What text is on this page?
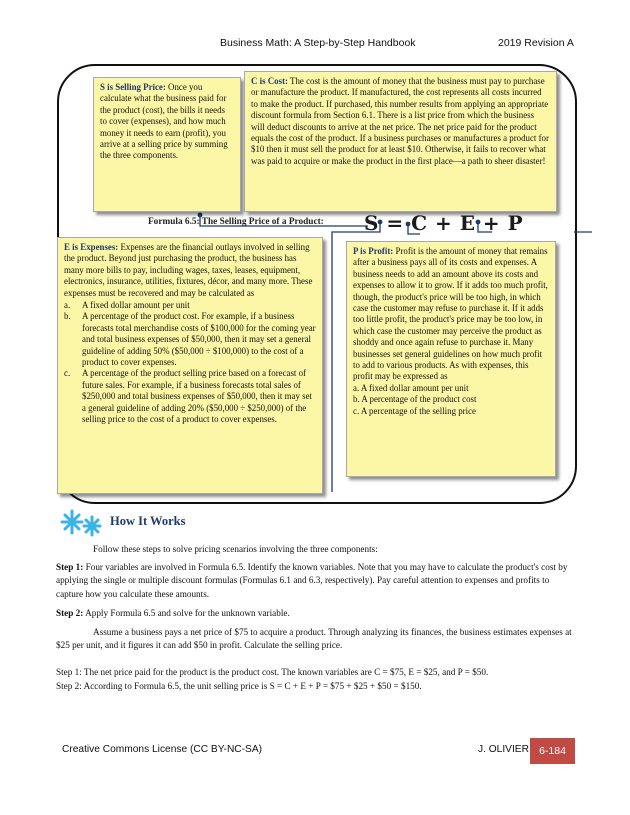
Business Math: A Step-by-Step Handbook	2019 Revision A
S is Selling Price: Once you calculate what the business paid for the product (cost), the bills it needs to cover (expenses), and how much money it needs to earn (profit), you arrive at a selling price by summing the three components.
C is Cost: The cost is the amount of money that the business must pay to purchase or manufacture the product. If manufactured, the cost represents all costs incurred to make the product. If purchased, this number results from applying an appropriate discount formula from Section 6.1. There is a list price from which the business will deduct discounts to arrive at the net price. The net price paid for the product equals the cost of the product. If a business purchases or manufactures a product for $10 then it must sell the product for at least $10. Otherwise, it fails to recover what was paid to acquire or make the product in the first place—a path to sheer disaster!
Formula 6.5: The Selling Price of a Product: S = C + E + P
E is Expenses: Expenses are the financial outlays involved in selling the product. Beyond just purchasing the product, the business has many more bills to pay, including wages, taxes, leases, equipment, electronics, insurance, utilities, fixtures, décor, and many more. These expenses must be recovered and may be calculated as
a. A fixed dollar amount per unit
b. A percentage of the product cost. For example, if a business forecasts total merchandise costs of $100,000 for the coming year and total business expenses of $50,000, then it may set a general guideline of adding 50% ($50,000 ÷ $100,000) to the cost of a product to cover expenses.
c. A percentage of the product selling price based on a forecast of future sales. For example, if a business forecasts total sales of $250,000 and total business expenses of $50,000, then it may set a general guideline of adding 20% ($50,000 ÷ $250,000) of the selling price to the cost of a product to cover expenses.
P is Profit: Profit is the amount of money that remains after a business pays all of its costs and expenses. A business needs to add an amount above its costs and expenses to allow it to grow. If it adds too much profit, though, the product's price will be too high, in which case the customer may refuse to purchase it. If it adds too little profit, the product's price may be too low, in which case the customer may perceive the product as shoddy and once again refuse to purchase it. Many businesses set general guidelines on how much profit to add to various products. As with expenses, this profit may be expressed as
a. A fixed dollar amount per unit
b. A percentage of the product cost
c. A percentage of the selling price
How It Works
Follow these steps to solve pricing scenarios involving the three components:
Step 1: Four variables are involved in Formula 6.5. Identify the known variables. Note that you may have to calculate the product's cost by applying the single or multiple discount formulas (Formulas 6.1 and 6.3, respectively). Pay careful attention to expenses and profits to capture how you calculate these amounts.
Step 2: Apply Formula 6.5 and solve for the unknown variable.
Assume a business pays a net price of $75 to acquire a product. Through analyzing its finances, the business estimates expenses at $25 per unit, and it figures it can add $50 in profit. Calculate the selling price.
Step 1: The net price paid for the product is the product cost. The known variables are C = $75, E = $25, and P = $50.
Step 2: According to Formula 6.5, the unit selling price is S = C + E + P = $75 + $25 + $50 = $150.
Creative Commons License (CC BY-NC-SA)	J. OLIVIER 6-184
